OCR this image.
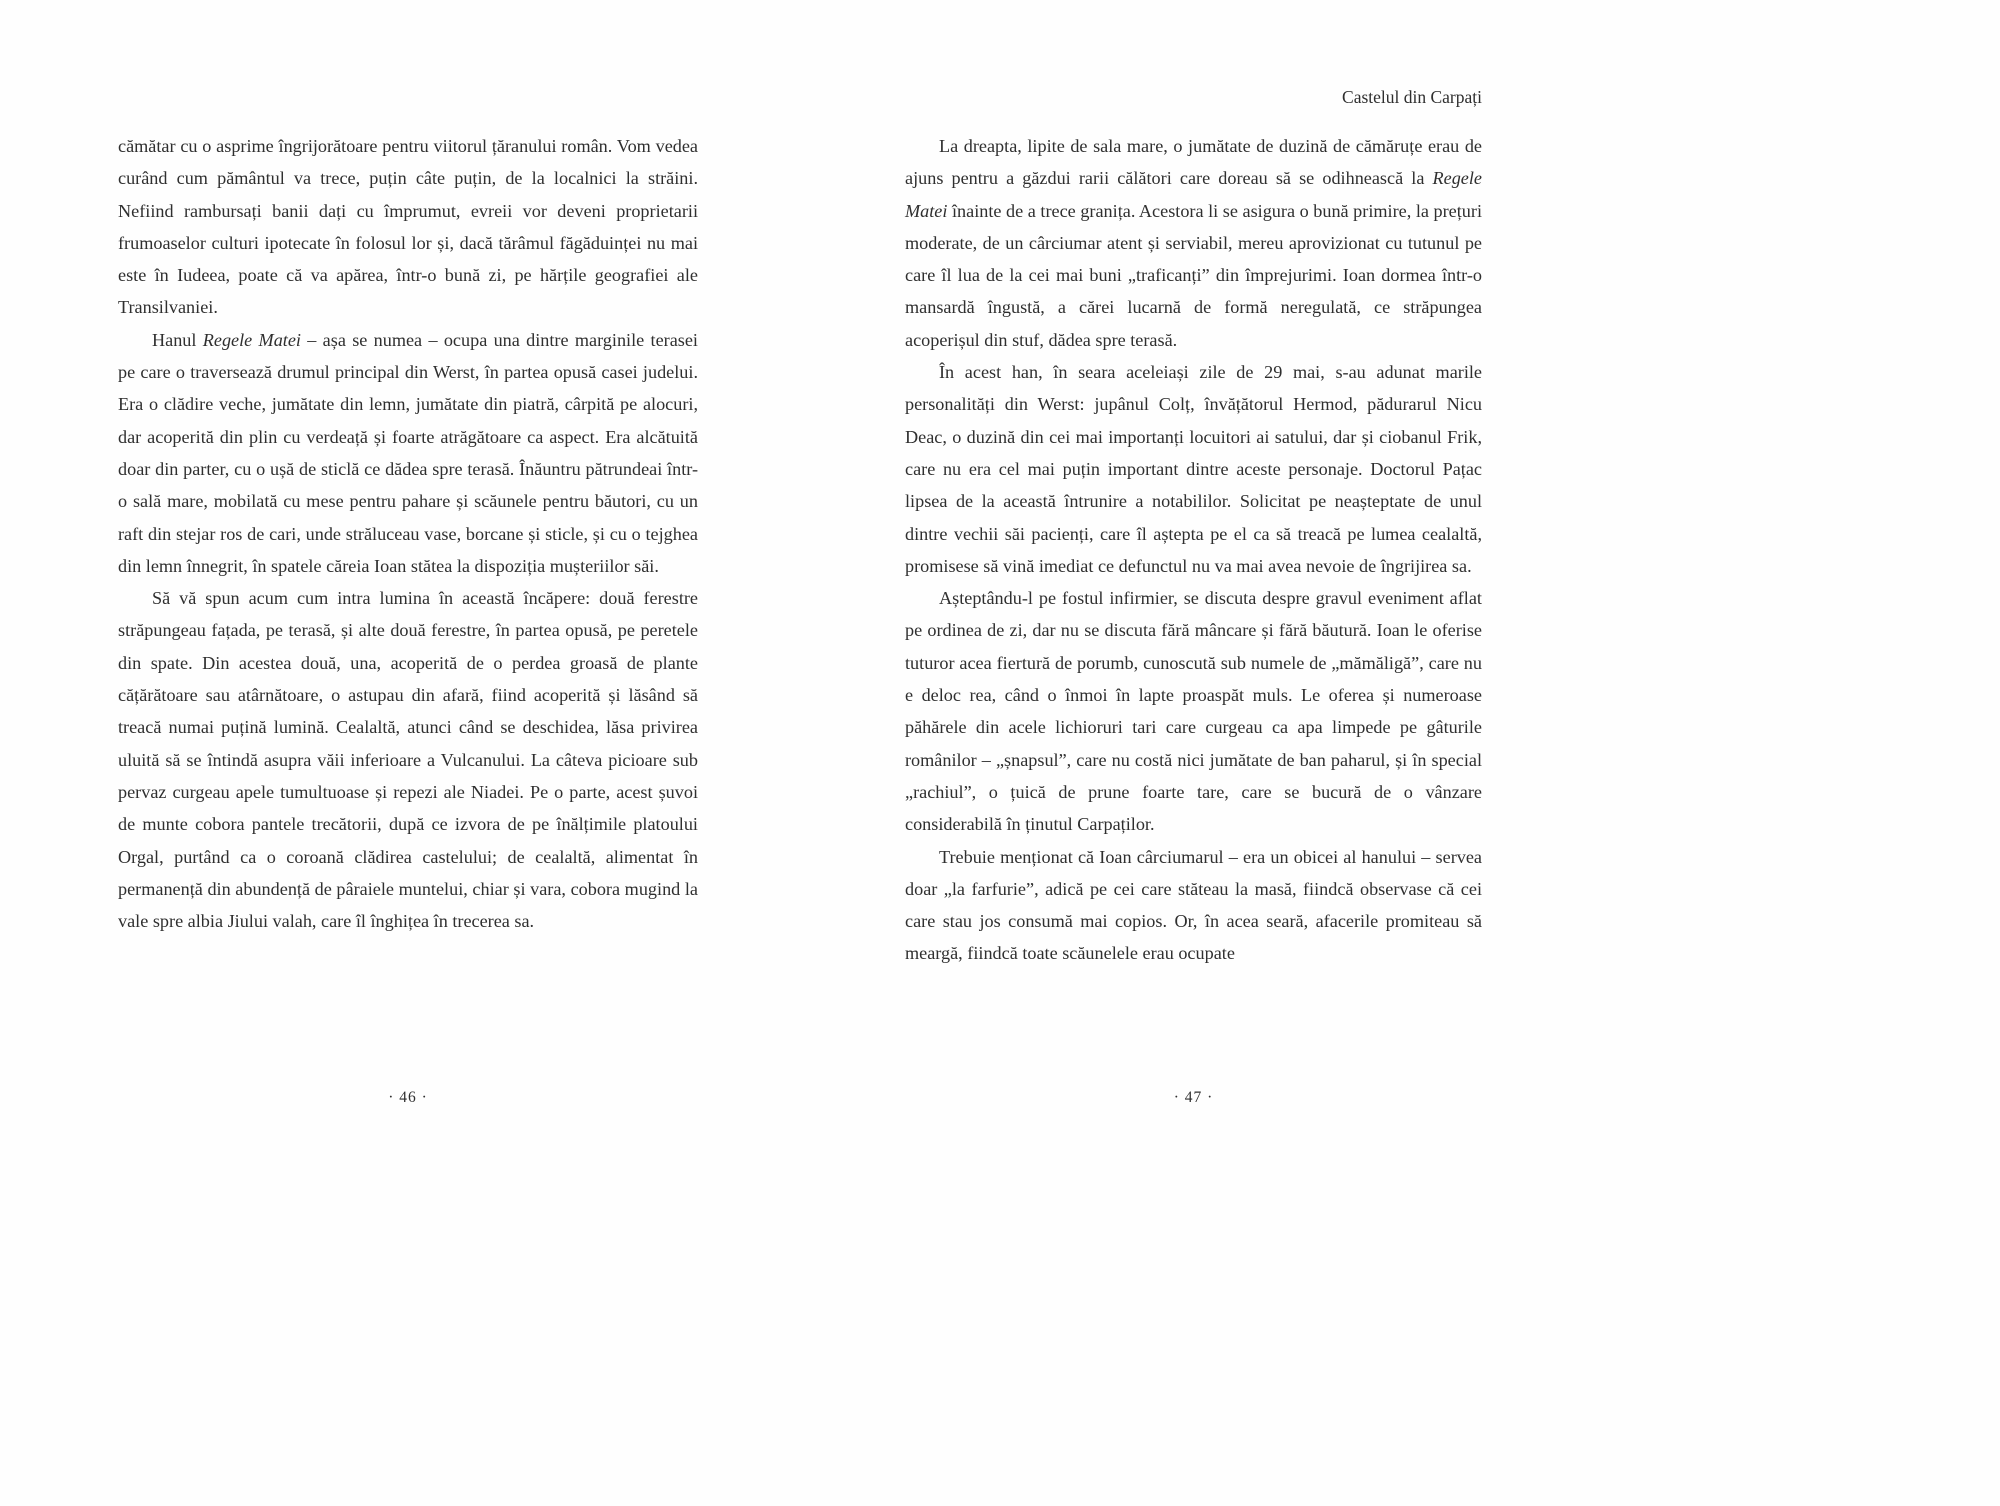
Castelul din Carpați

cămătar cu o asprime îngrijorătoare pentru viitorul țăranului român. Vom vedea curând cum pământul va trece, puțin câte puțin, de la localnici la străini. Nefiind rambursați banii dați cu împrumut, evreii vor deveni proprietarii frumoaselor culturi ipotecate în folosul lor și, dacă tărâmul făgăduinței nu mai este în Iudeea, poate că va apărea, într-o bună zi, pe hărțile geografiei ale Transilvaniei.

Hanul Regele Matei – așa se numea – ocupa una dintre marginile terasei pe care o traversează drumul principal din Werst, în partea opusă casei judelui. Era o clădire veche, jumătate din lemn, jumătate din piatră, cârpită pe alocuri, dar acoperită din plin cu verdeață și foarte atrăgătoare ca aspect. Era alcătuită doar din parter, cu o ușă de sticlă ce dădea spre terasă. Înăuntru pătrundeai într-o sală mare, mobilată cu mese pentru pahare și scăunele pentru băutori, cu un raft din stejar ros de cari, unde străluceau vase, borcane și sticle, și cu o tejghea din lemn înnegrit, în spatele căreia Ioan stătea la dispoziția mușteriilor săi.

Să vă spun acum cum intra lumina în această încăpere: două ferestre străpungeau fațada, pe terasă, și alte două ferestre, în partea opusă, pe peretele din spate. Din acestea două, una, acoperită de o perdea groasă de plante cățărătoare sau atârnătoare, o astupau din afară, fiind acoperită și lăsând să treacă numai puțină lumină. Cealaltă, atunci când se deschidea, lăsa privirea uluită să se întindă asupra văii inferioare a Vulcanului. La câteva picioare sub pervaz curgeau apele tumultuoase și repezi ale Niadei. Pe o parte, acest șuvoi de munte cobora pantele trecătorii, după ce izvora de pe înălțimile platoului Orgal, purtând ca o coroană clădirea castelului; de cealaltă, alimentat în permanență din abundență de pâraiele muntelui, chiar și vara, cobora mugind la vale spre albia Jiului valah, care îl înghițea în trecerea sa.

La dreapta, lipite de sala mare, o jumătate de duzină de cămăruțe erau de ajuns pentru a găzdui rarii călători care doreau să se odihnească la Regele Matei înainte de a trece granița. Acestora li se asigura o bună primire, la prețuri moderate, de un cârciumar atent și serviabil, mereu aprovizionat cu tutunul pe care îl lua de la cei mai buni „traficanți” din împrejurimi. Ioan dormea într-o mansardă îngustă, a cărei lucarnă de formă neregulată, ce străpungea acoperișul din stuf, dădea spre terasă.

În acest han, în seara aceleiași zile de 29 mai, s-au adunat marile personalități din Werst: jupânul Colț, învățătorul Hermod, pădurarul Nicu Deac, o duzină din cei mai importanți locuitori ai satului, dar și ciobanul Frik, care nu era cel mai puțin important dintre aceste personaje. Doctorul Pațac lipsea de la această întrunire a notabililor. Solicitat pe neașteptate de unul dintre vechii săi pacienți, care îl aștepta pe el ca să treacă pe lumea cealaltă, promisese să vină imediat ce defunctul nu va mai avea nevoie de îngrijirea sa.

Așteptându-l pe fostul infirmier, se discuta despre gravul eveniment aflat pe ordinea de zi, dar nu se discuta fără mâncare și fără băutură. Ioan le oferise tuturor acea fiertură de porumb, cunoscută sub numele de „mămăligă”, care nu e deloc rea, când o înmoi în lapte proaspăt muls. Le oferea și numeroase păhărele din acele lichioruri tari care curgeau ca apa limpede pe gâturile românilor – „șnapsul”, care nu costă nici jumătate de ban paharul, și în special „rachiul”, o țuică de prune foarte tare, care se bucură de o vânzare considerabilă în ținutul Carpaților.

Trebuie menționat că Ioan cârciumarul – era un obicei al hanului – servea doar „la farfurie”, adică pe cei care stăteau la masă, fiindcă observase că cei care stau jos consumă mai copios. Or, în acea seară, afacerile promiteau să meargă, fiindcă toate scăunelele erau ocupate

· 46 ·	· 47 ·
